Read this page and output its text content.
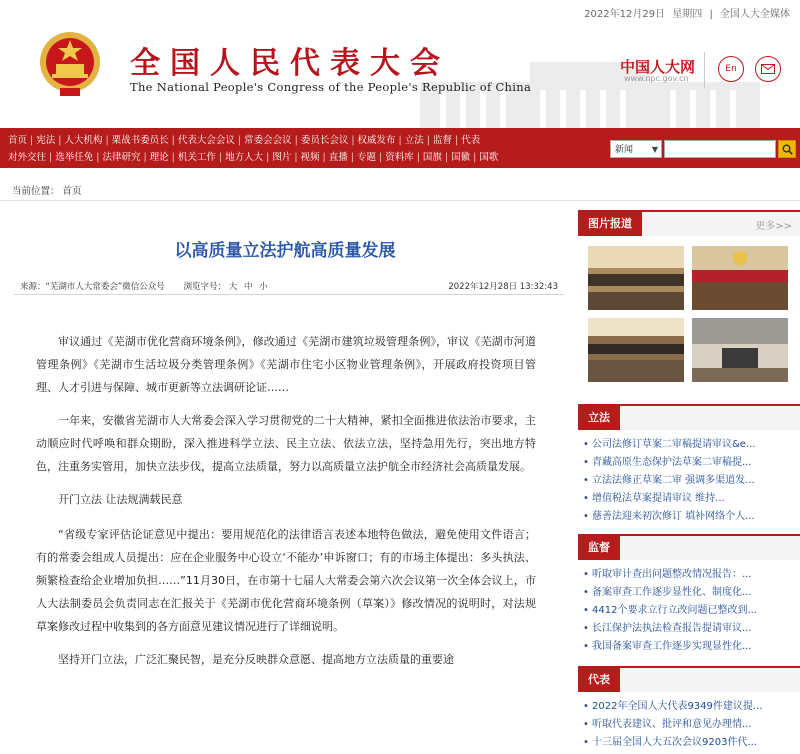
2022年12月29日 星期四 | 全国人大全媒体
全国人民代表大会
The National People's Congress of the People's Republic of China
中国人大网
www.npc.gov.cn
En
首页 | 宪法 | 人大机构 | 栗战书委员长 | 代表大会会议 | 常委会会议 | 委员长会议 | 权威发布 | 立法 | 监督 | 代表
对外交往 | 选举任免 | 法律研究 | 理论 | 机关工作 | 地方人大 | 图片 | 视频 | 直播 | 专题 | 资料库 | 国旗 | 国徽 | 国歌
新闻 ▼
当前位置： 首页
以高质量立法护航高质量发展
来源：“芜湖市人大常委会”微信公众号 浏览字号： 大 中 小	2022年12月28日 13:32:43

审议通过《芜湖市优化营商环境条例》，修改通过《芜湖市建筑垃圾管理条例》，审议《芜湖市河道管理条例》《芜湖市生活垃圾分类管理条例》《芜湖市住宅小区物业管理条例》，开展政府投资项目管理、人才引进与保障、城市更新等立法调研论证……

一年来，安徽省芜湖市人大常委会深入学习贯彻党的二十大精神，紧扣全面推进依法治市要求，主动顺应时代呼唤和群众期盼，深入推进科学立法、民主立法、依法立法，坚持急用先行，突出地方特色，注重务实管用，加快立法步伐，提高立法质量，努力以高质量立法护航全市经济社会高质量发展。

开门立法 让法规满载民意

“省级专家评估论证意见中提出：要用规范化的法律语言表述本地特色做法，避免使用文件语言；有的常委会组成人员提出：应在企业服务中心设立‘不能办’申诉窗口；有的市场主体提出：多头执法、频繁检查给企业增加负担……”11月30日，在市第十七届人大常委会第六次会议第一次全体会议上，市人大法制委员会负责同志在汇报关于《芜湖市优化营商环境条例（草案）》修改情况的说明时，对法规草案修改过程中收集到的各方面意见建议情况进行了详细说明。

坚持开门立法，广泛汇聚民智，是充分反映群众意愿、提高地方立法质量的重要途

图片报道	更多>>
立法
• 公司法修订草案二审稿提请审议&e...
• 青藏高原生态保护法草案二审稿提...
• 立法法修正草案二审 强调多渠道发...
• 增值税法草案提请审议 维持...
• 慈善法迎来初次修订 填补网络个人...
监督
• 听取审计查出问题整改情况报告：...
• 备案审查工作逐步显性化、制度化...
• 4412个要求立行立改问题已整改到...
• 长江保护法执法检查报告提请审议...
• 我国备案审查工作逐步实现显性化...
代表
• 2022年全国人大代表9349件建议提...
• 听取代表建议、批评和意见办理情...
• 十三届全国人大五次会议9203件代...
